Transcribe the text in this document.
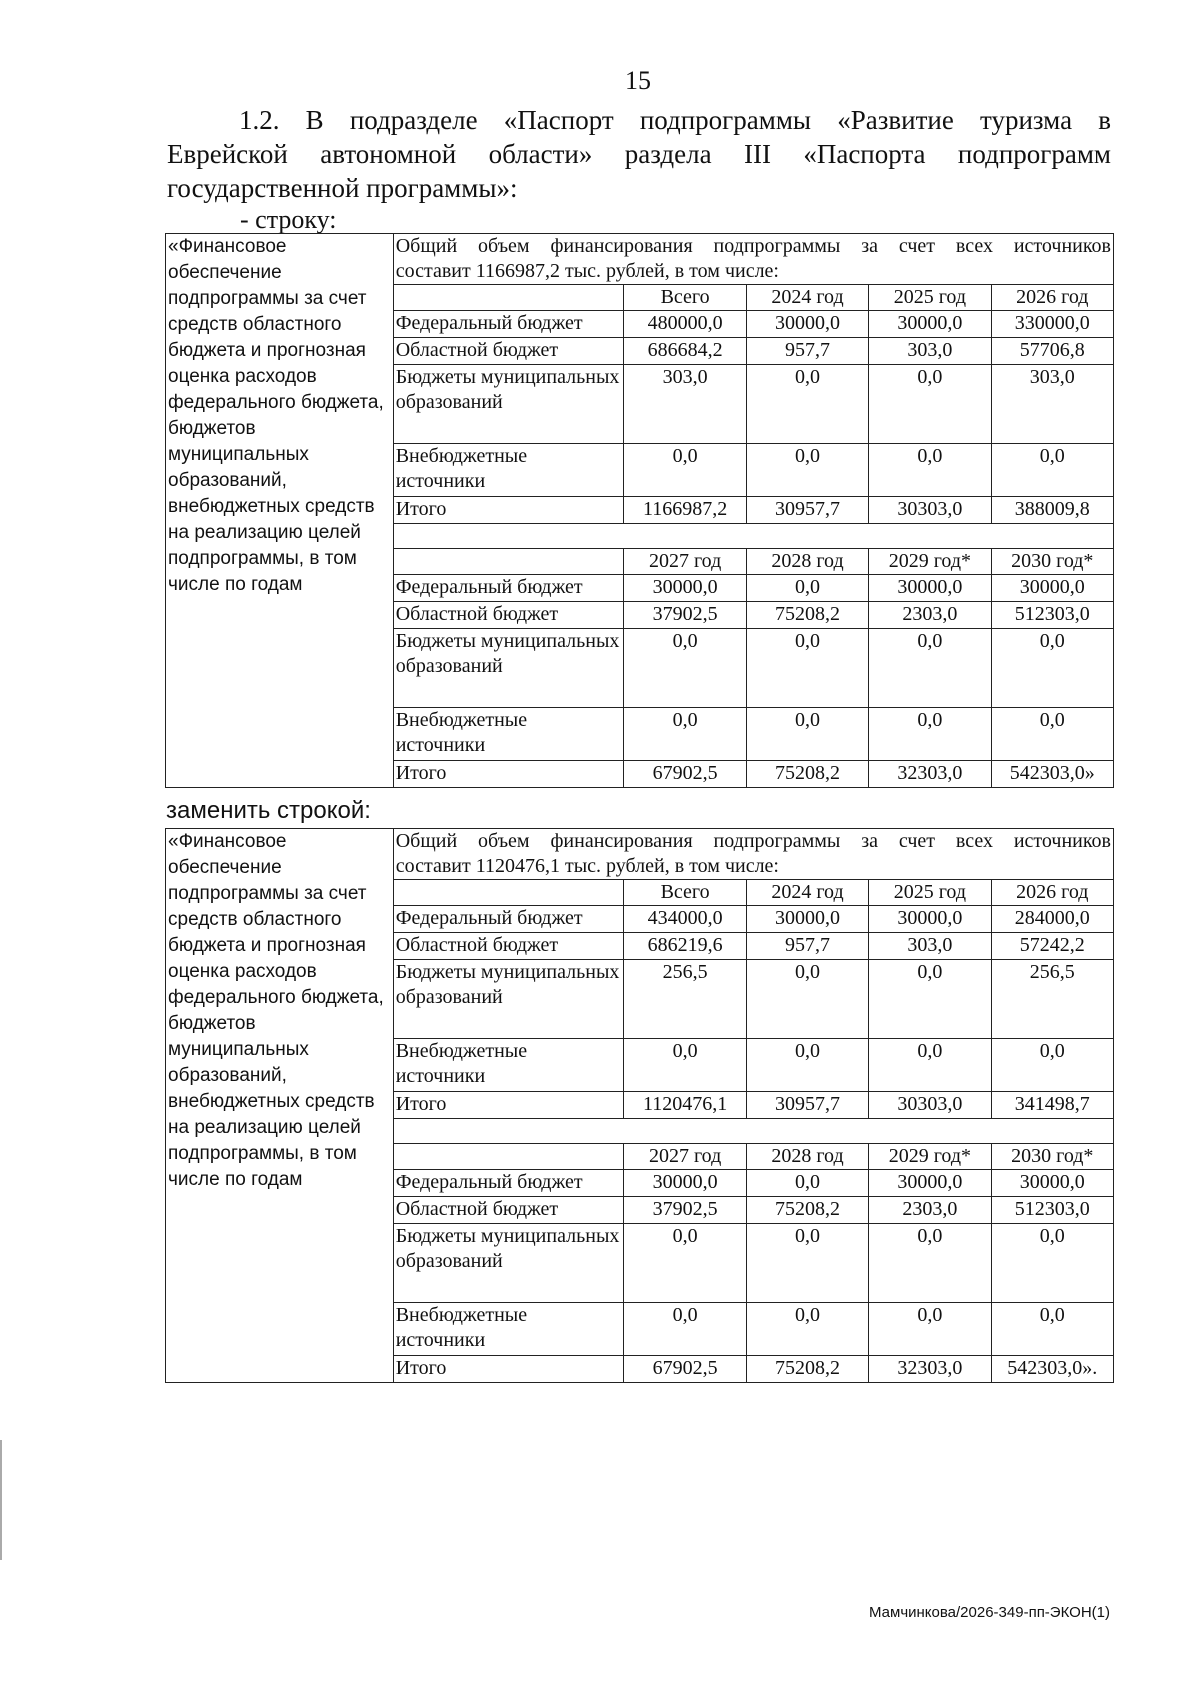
15

1.2. В подразделе «Паспорт подпрограммы «Развитие туризма в
Еврейской автономной области» раздела III «Паспорта подпрограмм
государственной программы»:

- строку:

«Финансовое обеспечение подпрограммы за счет средств областного бюджета и прогнозная оценка расходов федерального бюджета, бюджетов муниципальных образований, внебюджетных средств на реализацию целей подпрограммы, в том числе по годам	Общий объем финансирования подпрограммы за счет всех источников
составит 1166987,2 тыс. рублей, в том числе:				

		Всего	2024 год	2025 год	2026 год
	Федеральный бюджет	480000,0	30000,0	30000,0	330000,0
	Областной бюджет	686684,2	957,7	303,0	57706,8
	Бюджеты муниципальных образований	303,0	0,0	0,0	303,0
	Внебюджетные источники	0,0	0,0	0,0	0,0
	Итого	1166987,2	30957,7	30303,0	388009,8

		2027 год	2028 год	2029 год*	2030 год*
	Федеральный бюджет	30000,0	0,0	30000,0	30000,0
	Областной бюджет	37902,5	75208,2	2303,0	512303,0
	Бюджеты муниципальных образований	0,0	0,0	0,0	0,0
	Внебюджетные источники	0,0	0,0	0,0	0,0
	Итого	67902,5	75208,2	32303,0	542303,0»

заменить строкой:

«Финансовое обеспечение подпрограммы за счет средств областного бюджета и прогнозная оценка расходов федерального бюджета, бюджетов муниципальных образований, внебюджетных средств на реализацию целей подпрограммы, в том числе по годам	Общий объем финансирования подпрограммы за счет всех источников
составит 1120476,1 тыс. рублей, в том числе:				

		Всего	2024 год	2025 год	2026 год
	Федеральный бюджет	434000,0	30000,0	30000,0	284000,0
	Областной бюджет	686219,6	957,7	303,0	57242,2
	Бюджеты муниципальных образований	256,5	0,0	0,0	256,5
	Внебюджетные источники	0,0	0,0	0,0	0,0
	Итого	1120476,1	30957,7	30303,0	341498,7

		2027 год	2028 год	2029 год*	2030 год*
	Федеральный бюджет	30000,0	0,0	30000,0	30000,0
	Областной бюджет	37902,5	75208,2	2303,0	512303,0
	Бюджеты муниципальных образований	0,0	0,0	0,0	0,0
	Внебюджетные источники	0,0	0,0	0,0	0,0
	Итого	67902,5	75208,2	32303,0	542303,0».
Мамчинкова/2026-349-пп-ЭКОН(1)
